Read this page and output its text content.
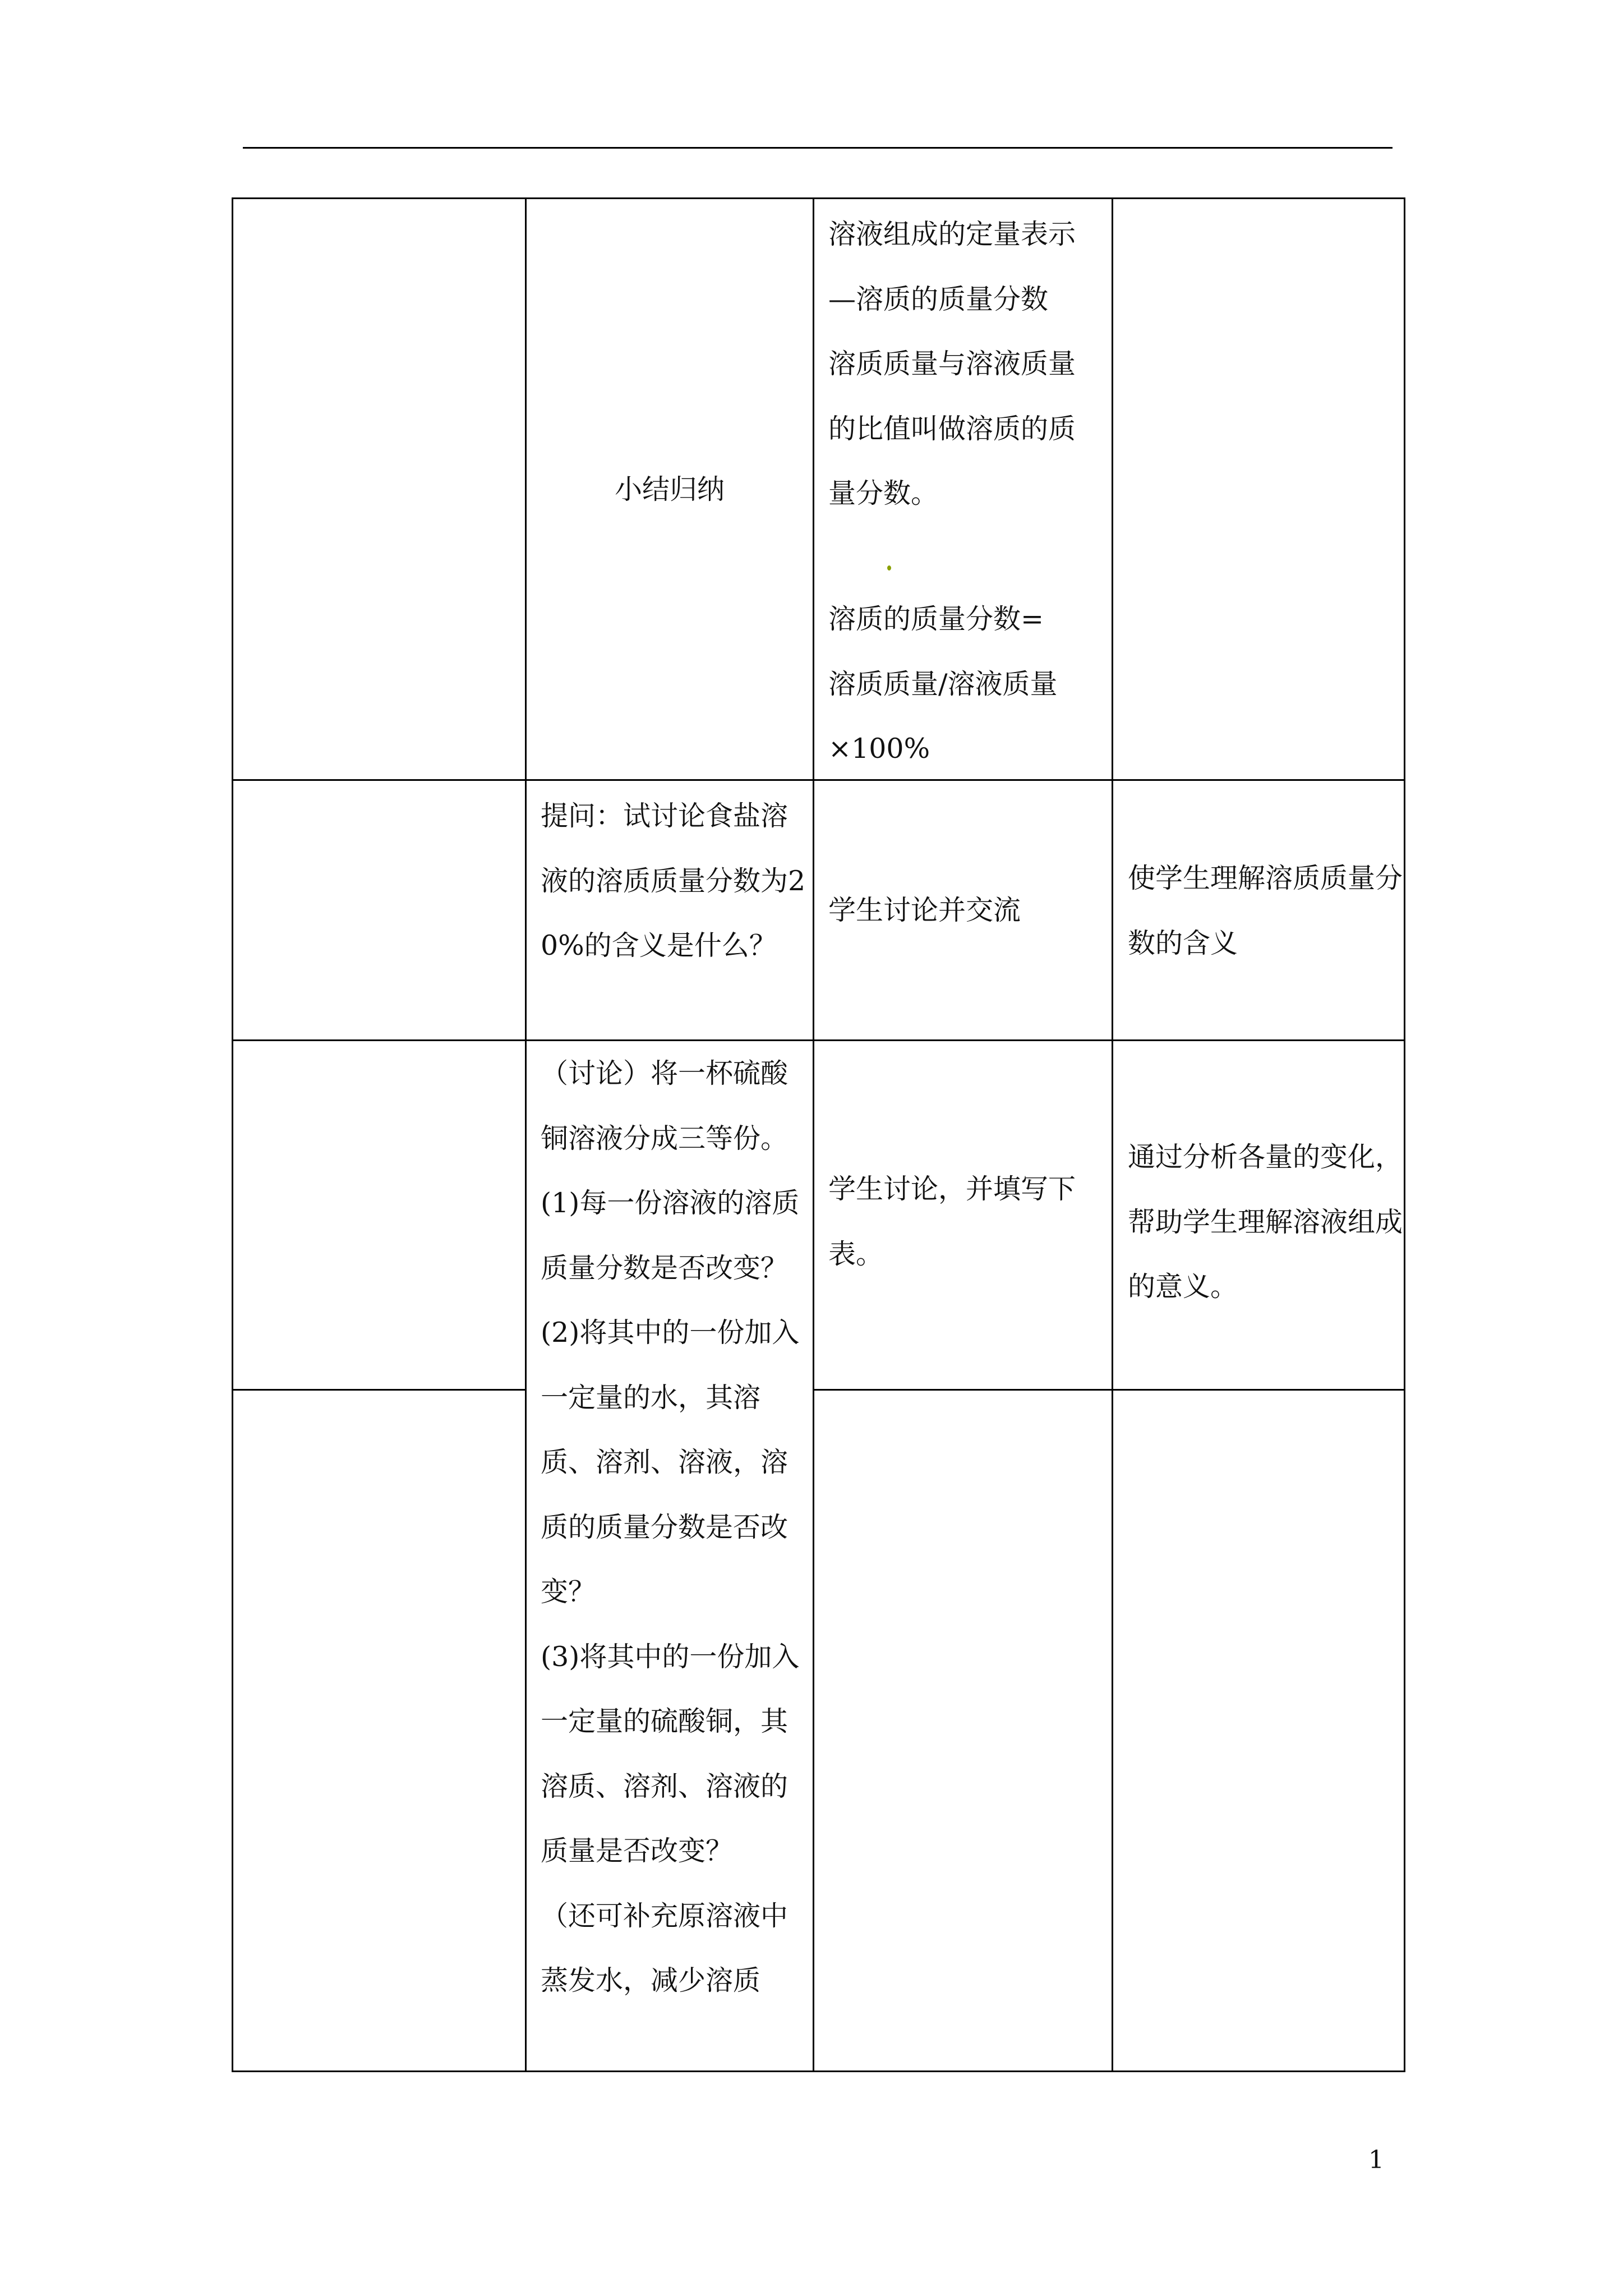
小结归纳
溶液组成的定量表示—溶质的质量分数
溶质质量与溶液质量的比值叫做溶质的质量分数。
溶质的质量分数=
溶质质量/溶液质量
×100%
提问：试讨论食盐溶液的溶质质量分数为20%的含义是什么？
学生讨论并交流
使学生理解溶质质量分数的含义
（讨论）将一杯硫酸铜溶液分成三等份。
(1)每一份溶液的溶质质量分数是否改变？
(2)将其中的一份加入一定量的水，其溶质、溶剂、溶液，溶质的质量分数是否改变？
(3)将其中的一份加入一定量的硫酸铜，其溶质、溶剂、溶液的质量是否改变？
（还可补充原溶液中蒸发水，减少溶质
学生讨论，并填写下表。
通过分析各量的变化，帮助学生理解溶液组成的意义。
1
